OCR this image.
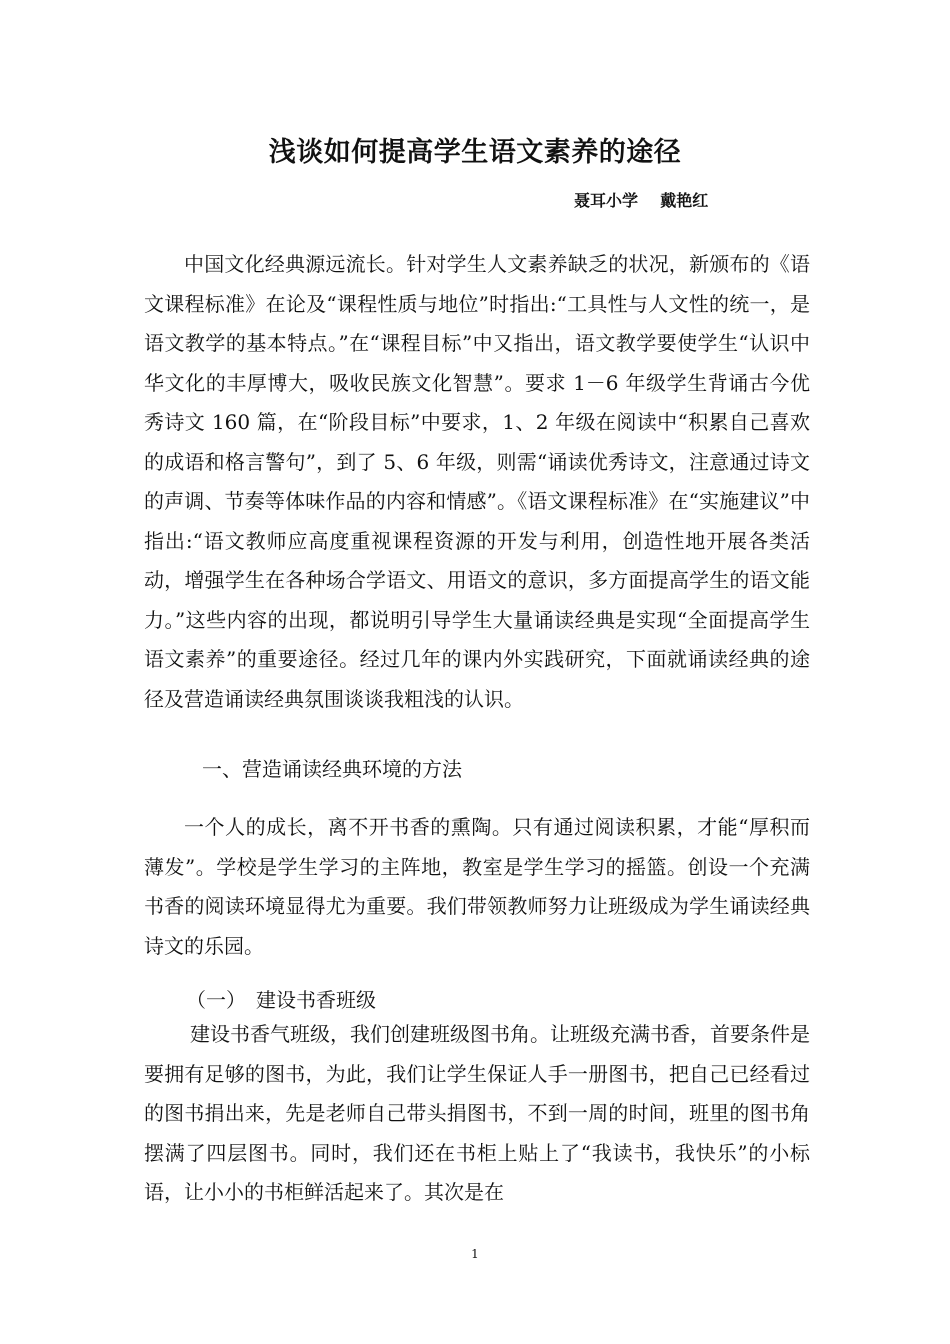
浅谈如何提高学生语文素养的途径
聂耳小学    戴艳红

中国文化经典源远流长。针对学生人文素养缺乏的状况，新颁布的《语文课程标准》在论及“课程性质与地位”时指出:“工具性与人文性的统一，是语文教学的基本特点。”在“课程目标”中又指出，语文教学要使学生“认识中华文化的丰厚博大，吸收民族文化智慧”。要求 1－6 年级学生背诵古今优秀诗文 160 篇，在“阶段目标”中要求，1、2 年级在阅读中“积累自己喜欢的成语和格言警句”，到了 5、6 年级，则需“诵读优秀诗文，注意通过诗文的声调、节奏等体味作品的内容和情感”。《语文课程标准》在“实施建议”中指出:“语文教师应高度重视课程资源的开发与利用，创造性地开展各类活动，增强学生在各种场合学语文、用语文的意识，多方面提高学生的语文能力。”这些内容的出现，都说明引导学生大量诵读经典是实现“全面提高学生语文素养”的重要途径。经过几年的课内外实践研究，下面就诵读经典的途径及营造诵读经典氛围谈谈我粗浅的认识。

一、营造诵读经典环境的方法

一个人的成长，离不开书香的熏陶。只有通过阅读积累，才能“厚积而薄发”。学校是学生学习的主阵地，教室是学生学习的摇篮。创设一个充满书香的阅读环境显得尤为重要。我们带领教师努力让班级成为学生诵读经典诗文的乐园。

（一） 建设书香班级

建设书香气班级，我们创建班级图书角。让班级充满书香，首要条件是要拥有足够的图书，为此，我们让学生保证人手一册图书，把自己已经看过的图书捐出来，先是老师自己带头捐图书，不到一周的时间，班里的图书角摆满了四层图书。同时，我们还在书柜上贴上了“我读书，我快乐”的小标语，让小小的书柜鲜活起来了。其次是在

1
